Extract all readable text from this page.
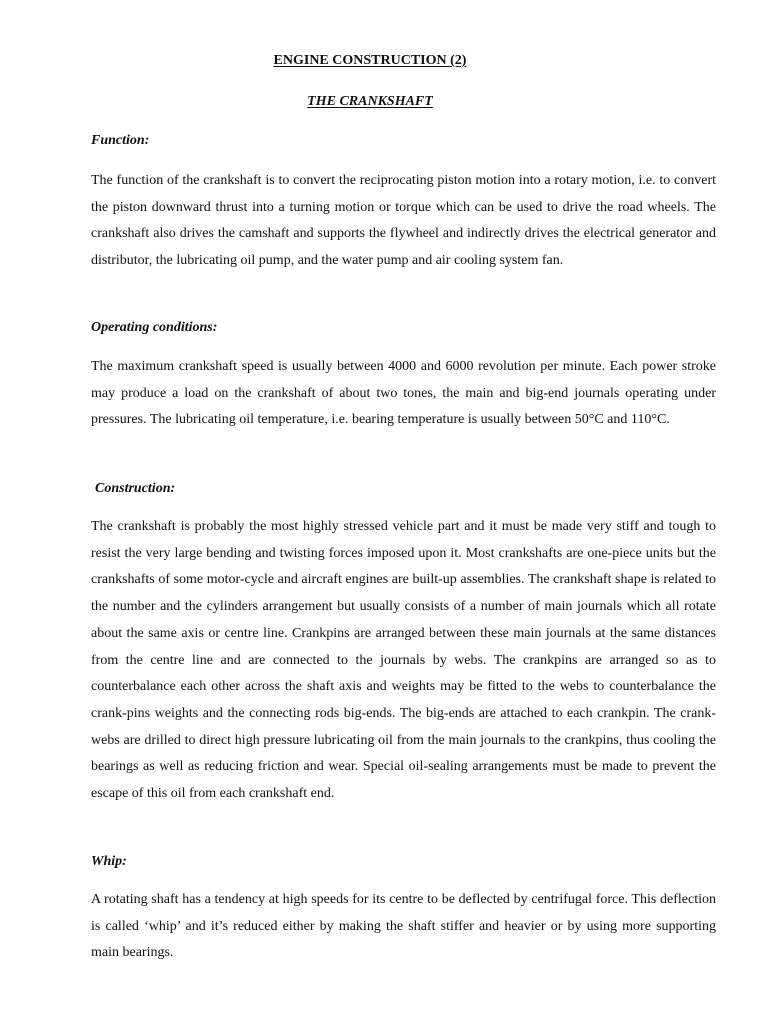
ENGINE CONSTRUCTION (2)
THE CRANKSHAFT
Function:

The function of the crankshaft is to convert the reciprocating piston motion into a rotary motion, i.e. to convert the piston downward thrust into a turning motion or torque which can be used to drive the road wheels. The crankshaft also drives the camshaft and supports the flywheel and indirectly drives the electrical generator and distributor, the lubricating oil pump, and the water pump and air cooling system fan.

Operating conditions:

The maximum crankshaft speed is usually between 4000 and 6000 revolution per minute. Each power stroke may produce a load on the crankshaft of about two tones, the main and big-end journals operating under pressures. The lubricating oil temperature, i.e. bearing temperature is usually between 50°C and 110°C.

Construction:

The crankshaft is probably the most highly stressed vehicle part and it must be made very stiff and tough to resist the very large bending and twisting forces imposed upon it. Most crankshafts are one-piece units but the crankshafts of some motor-cycle and aircraft engines are built-up assemblies. The crankshaft shape is related to the number and the cylinders arrangement but usually consists of a number of main journals which all rotate about the same axis or centre line. Crankpins are arranged between these main journals at the same distances from the centre line and are connected to the journals by webs. The crankpins are arranged so as to counterbalance each other across the shaft axis and weights may be fitted to the webs to counterbalance the crank-pins weights and the connecting rods big-ends. The big-ends are attached to each crankpin. The crank-webs are drilled to direct high pressure lubricating oil from the main journals to the crankpins, thus cooling the bearings as well as reducing friction and wear. Special oil-sealing arrangements must be made to prevent the escape of this oil from each crankshaft end.

Whip:

A rotating shaft has a tendency at high speeds for its centre to be deflected by centrifugal force. This deflection is called ‘whip’ and it’s reduced either by making the shaft stiffer and heavier or by using more supporting main bearings.
